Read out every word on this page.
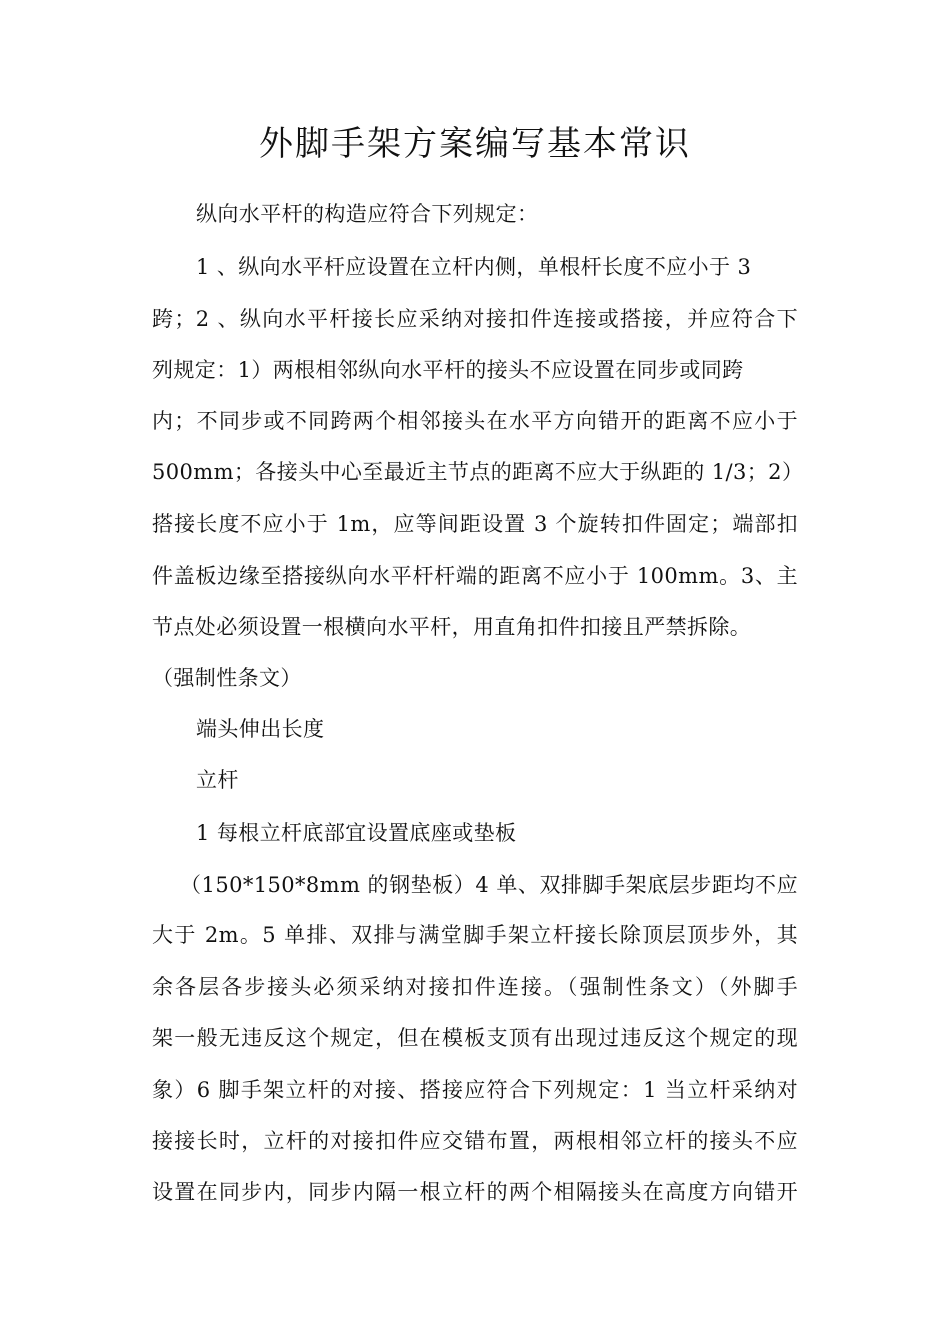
外脚手架方案编写基本常识
纵向水平杆的构造应符合下列规定：
1 、纵向水平杆应设置在立杆内侧，单根杆长度不应小于 3
跨；2 、纵向水平杆接长应采纳对接扣件连接或搭接，并应符合下
列规定：1）两根相邻纵向水平杆的接头不应设置在同步或同跨
内；不同步或不同跨两个相邻接头在水平方向错开的距离不应小于
500mm；各接头中心至最近主节点的距离不应大于纵距的 1/3；2）
搭接长度不应小于 1m，应等间距设置 3 个旋转扣件固定；端部扣
件盖板边缘至搭接纵向水平杆杆端的距离不应小于 100mm。3、主
节点处必须设置一根横向水平杆，用直角扣件扣接且严禁拆除。
（强制性条文）
端头伸出长度
立杆
1 每根立杆底部宜设置底座或垫板
（150*150*8mm 的钢垫板）4 单、双排脚手架底层步距均不应
大于 2m。5 单排、双排与满堂脚手架立杆接长除顶层顶步外，其
余各层各步接头必须采纳对接扣件连接。（强制性条文）（外脚手
架一般无违反这个规定，但在模板支顶有出现过违反这个规定的现
象）6 脚手架立杆的对接、搭接应符合下列规定：1 当立杆采纳对
接接长时，立杆的对接扣件应交错布置，两根相邻立杆的接头不应
设置在同步内，同步内隔一根立杆的两个相隔接头在高度方向错开
